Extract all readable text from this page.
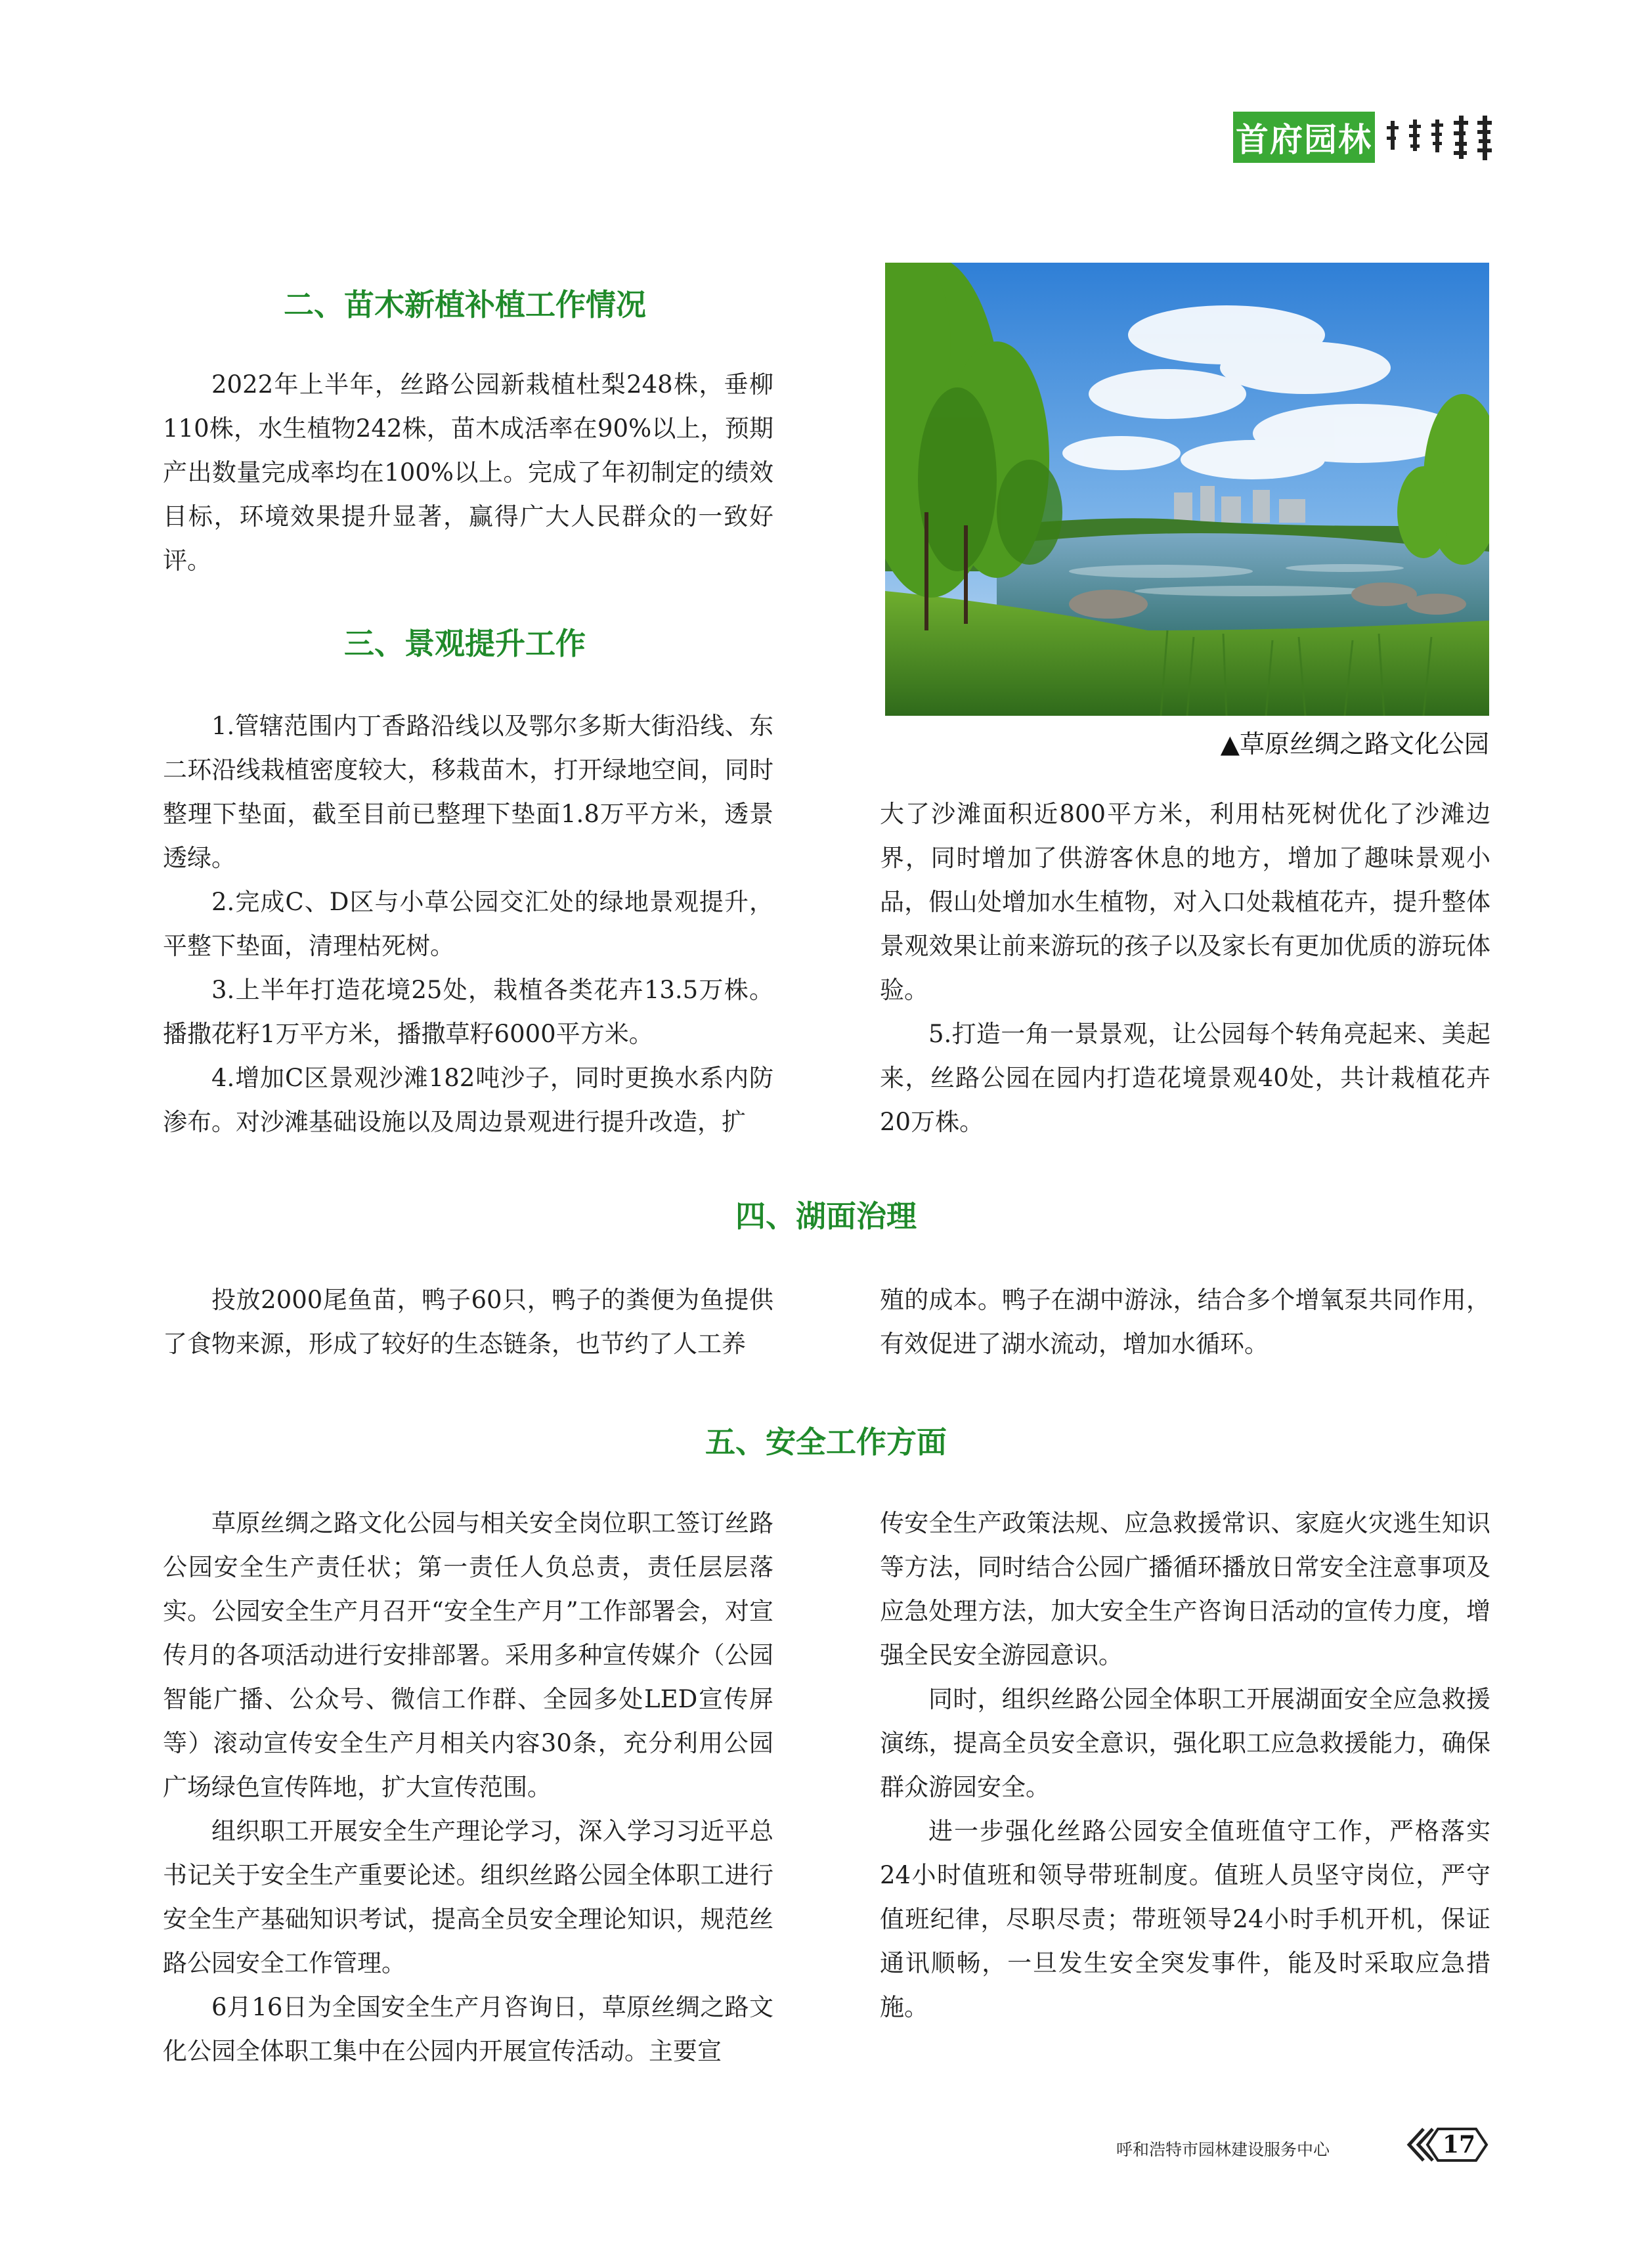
首府园林
二、苗木新植补植工作情况

2022年上半年，丝路公园新栽植杜梨248株，垂柳110株，水生植物242株，苗木成活率在90%以上，预期产出数量完成率均在100%以上。完成了年初制定的绩效目标，环境效果提升显著，赢得广大人民群众的一致好评。

三、景观提升工作

1.管辖范围内丁香路沿线以及鄂尔多斯大街沿线、东二环沿线栽植密度较大，移栽苗木，打开绿地空间，同时整理下垫面，截至目前已整理下垫面1.8万平方米，透景透绿。

2.完成C、D区与小草公园交汇处的绿地景观提升，平整下垫面，清理枯死树。

3.上半年打造花境25处，栽植各类花卉13.5万株。播撒花籽1万平方米，播撒草籽6000平方米。

4.增加C区景观沙滩182吨沙子，同时更换水系内防渗布。对沙滩基础设施以及周边景观进行提升改造，扩

▲草原丝绸之路文化公园

大了沙滩面积近800平方米，利用枯死树优化了沙滩边界，同时增加了供游客休息的地方，增加了趣味景观小品，假山处增加水生植物，对入口处栽植花卉，提升整体景观效果让前来游玩的孩子以及家长有更加优质的游玩体验。

5.打造一角一景景观，让公园每个转角亮起来、美起来，丝路公园在园内打造花境景观40处，共计栽植花卉20万株。

四、湖面治理

投放2000尾鱼苗，鸭子60只，鸭子的粪便为鱼提供了食物来源，形成了较好的生态链条，也节约了人工养

殖的成本。鸭子在湖中游泳，结合多个增氧泵共同作用，有效促进了湖水流动，增加水循环。

五、安全工作方面

草原丝绸之路文化公园与相关安全岗位职工签订丝路公园安全生产责任状；第一责任人负总责，责任层层落实。公园安全生产月召开“安全生产月”工作部署会，对宣传月的各项活动进行安排部署。采用多种宣传媒介（公园智能广播、公众号、微信工作群、全园多处LED宣传屏等）滚动宣传安全生产月相关内容30条，充分利用公园广场绿色宣传阵地，扩大宣传范围。

组织职工开展安全生产理论学习，深入学习习近平总书记关于安全生产重要论述。组织丝路公园全体职工进行安全生产基础知识考试，提高全员安全理论知识，规范丝路公园安全工作管理。

6月16日为全国安全生产月咨询日，草原丝绸之路文化公园全体职工集中在公园内开展宣传活动。主要宣

传安全生产政策法规、应急救援常识、家庭火灾逃生知识等方法，同时结合公园广播循环播放日常安全注意事项及应急处理方法，加大安全生产咨询日活动的宣传力度，增强全民安全游园意识。

同时，组织丝路公园全体职工开展湖面安全应急救援演练，提高全员安全意识，强化职工应急救援能力，确保群众游园安全。

进一步强化丝路公园安全值班值守工作，严格落实24小时值班和领导带班制度。值班人员坚守岗位，严守值班纪律，尽职尽责；带班领导24小时手机开机，保证通讯顺畅，一旦发生安全突发事件，能及时采取应急措施。

呼和浩特市园林建设服务中心	17
